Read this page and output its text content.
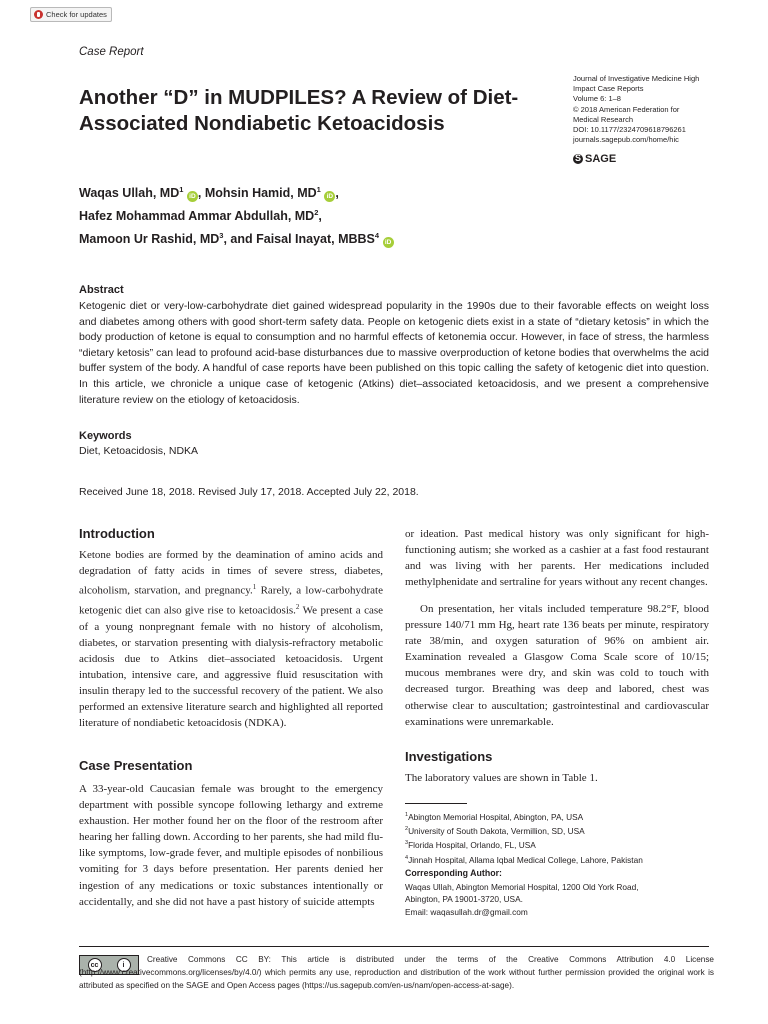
Check for updates
Case Report
Another “D” in MUDPILES? A Review of Diet-Associated Nondiabetic Ketoacidosis
Journal of Investigative Medicine High
Impact Case Reports
Volume 6: 1–8
© 2018 American Federation for
Medical Research
DOI: 10.1177/2324709618796261
journals.sagepub.com/home/hic
S
SAGE
Waqas Ullah, $MD^1$ iD , Mohsin Hamid, $MD^1$ iD ,
Hafez Mohammad Ammar Abdullah, $MD^2$,
Mamoon Ur Rashid, $MD^3$, and Faisal Inayat, MBBS$^4$ iD
Abstract
Ketogenic diet or very-low-carbohydrate diet gained widespread popularity in the 1990s due to their favorable effects on weight loss and diabetes among others with good short-term safety data. People on ketogenic diets exist in a state of “dietary ketosis” in which the body production of ketone is equal to consumption and no harmful effects of ketonemia occur. However, in face of stress, the harmless “dietary ketosis” can lead to profound acid-base disturbances due to massive overproduction of ketone bodies that overwhelms the acid buffer system of the body. A handful of case reports have been published on this topic calling the safety of ketogenic diet into question. In this article, we chronicle a unique case of ketogenic (Atkins) diet–associated ketoacidosis, and we present a comprehensive literature review on the etiology of ketoacidosis.
Keywords
Diet, Ketoacidosis, NDKA
Received June 18, 2018. Revised July 17, 2018. Accepted July 22, 2018.
Introduction
Ketone bodies are formed by the deamination of amino acids and degradation of fatty acids in times of severe stress, diabetes, alcoholism, starvation, and pregnancy.$^1$ Rarely, a low-carbohydrate ketogenic diet can also give rise to ketoacidosis.$^2$ We present a case of a young nonpregnant female with no history of alcoholism, diabetes, or starvation presenting with dialysis-refractory metabolic acidosis due to Atkins diet–associated ketoacidosis. Urgent intubation, intensive care, and aggressive fluid resuscitation with insulin therapy led to the successful recovery of the patient. We also performed an extensive literature search and highlighted all reported literature of nondiabetic ketoacidosis (NDKA).
Case Presentation
A 33-year-old Caucasian female was brought to the emergency department with possible syncope following lethargy and extreme exhaustion. Her mother found her on the floor of the restroom after hearing her falling down. According to her parents, she had mild flu-like symptoms, low-grade fever, and multiple episodes of nonbilious vomiting for 3 days before presentation. Her parents denied her ingestion of any medications or toxic substances intentionally or accidentally, and she did not have a past history of suicide attempts
or ideation. Past medical history was only significant for high-functioning autism; she worked as a cashier at a fast food restaurant and was living with her parents. Her medications included methylphenidate and sertraline for years without any recent changes.
On presentation, her vitals included temperature 98.2°F, blood pressure 140/71 mm Hg, heart rate 136 beats per minute, respiratory rate 38/min, and oxygen saturation of 96% on ambient air. Examination revealed a Glasgow Coma Scale score of 10/15; mucous membranes were dry, and skin was cold to touch with decreased turgor. Breathing was deep and labored, chest was otherwise clear to auscultation; gastrointestinal and cardiovascular examinations were unremarkable.
Investigations
The laboratory values are shown in Table 1.
$^1$Abington Memorial Hospital, Abington, PA, USA
$^2$University of South Dakota, Vermillion, SD, USA
$^3$Florida Hospital, Orlando, FL, USA
$^4$Jinnah Hospital, Allama Iqbal Medical College, Lahore, Pakistan
Corresponding Author:
Waqas Ullah, Abington Memorial Hospital, 1200 Old York Road,
Abington, PA 19001-3720, USA.
Email: waqasullah.dr@gmail.com
cc	i
Creative Commons CC BY: This article is distributed under the terms of the Creative Commons Attribution 4.0 License (http://www.creativecommons.org/licenses/by/4.0/) which permits any use, reproduction and distribution of the work without further permission provided the original work is attributed as specified on the SAGE and Open Access pages (https://us.sagepub.com/en-us/nam/open-access-at-sage).
